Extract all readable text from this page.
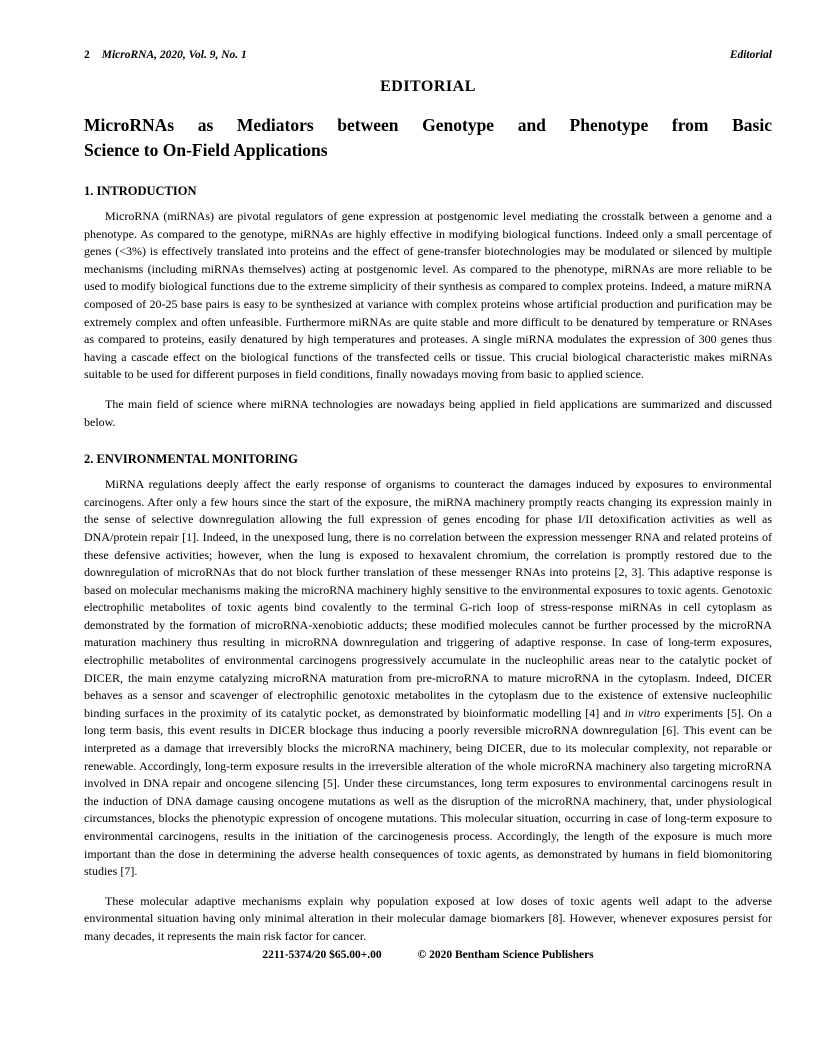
2 MicroRNA, 2020, Vol. 9, No. 1	Editorial
EDITORIAL
MicroRNAs as Mediators between Genotype and Phenotype from Basic
Science to On-Field Applications
1. INTRODUCTION

MicroRNA (miRNAs) are pivotal regulators of gene expression at postgenomic level mediating the crosstalk between a genome and a phenotype. As compared to the genotype, miRNAs are highly effective in modifying biological functions. Indeed only a small percentage of genes (<3%) is effectively translated into proteins and the effect of gene-transfer biotechnologies may be modulated or silenced by multiple mechanisms (including miRNAs themselves) acting at postgenomic level. As compared to the phenotype, miRNAs are more reliable to be used to modify biological functions due to the extreme simplicity of their synthesis as compared to complex proteins. Indeed, a mature miRNA composed of 20-25 base pairs is easy to be synthesized at variance with complex proteins whose artificial production and purification may be extremely complex and often unfeasible. Furthermore miRNAs are quite stable and more difficult to be denatured by temperature or RNAses as compared to proteins, easily denatured by high temperatures and proteases. A single miRNA modulates the expression of 300 genes thus having a cascade effect on the biological functions of the transfected cells or tissue. This crucial biological characteristic makes miRNAs suitable to be used for different purposes in field conditions, finally nowadays moving from basic to applied science.

The main field of science where miRNA technologies are nowadays being applied in field applications are summarized and discussed below.

2. ENVIRONMENTAL MONITORING

MiRNA regulations deeply affect the early response of organisms to counteract the damages induced by exposures to environmental carcinogens. After only a few hours since the start of the exposure, the miRNA machinery promptly reacts changing its expression mainly in the sense of selective downregulation allowing the full expression of genes encoding for phase I/II detoxification activities as well as DNA/protein repair [1]. Indeed, in the unexposed lung, there is no correlation between the expression messenger RNA and related proteins of these defensive activities; however, when the lung is exposed to hexavalent chromium, the correlation is promptly restored due to the downregulation of microRNAs that do not block further translation of these messenger RNAs into proteins [2, 3]. This adaptive response is based on molecular mechanisms making the microRNA machinery highly sensitive to the environmental exposures to toxic agents. Genotoxic electrophilic metabolites of toxic agents bind covalently to the terminal G-rich loop of stress-response miRNAs in cell cytoplasm as demonstrated by the formation of microRNA-xenobiotic adducts; these modified molecules cannot be further processed by the microRNA maturation machinery thus resulting in microRNA downregulation and triggering of adaptive response. In case of long-term exposures, electrophilic metabolites of environmental carcinogens progressively accumulate in the nucleophilic areas near to the catalytic pocket of DICER, the main enzyme catalyzing microRNA maturation from pre-microRNA to mature microRNA in the cytoplasm. Indeed, DICER behaves as a sensor and scavenger of electrophilic genotoxic metabolites in the cytoplasm due to the existence of extensive nucleophilic binding surfaces in the proximity of its catalytic pocket, as demonstrated by bioinformatic modelling [4] and in vitro experiments [5]. On a long term basis, this event results in DICER blockage thus inducing a poorly reversible microRNA downregulation [6]. This event can be interpreted as a damage that irreversibly blocks the microRNA machinery, being DICER, due to its molecular complexity, not reparable or renewable. Accordingly, long-term exposure results in the irreversible alteration of the whole microRNA machinery also targeting microRNA involved in DNA repair and oncogene silencing [5]. Under these circumstances, long term exposures to environmental carcinogens result in the induction of DNA damage causing oncogene mutations as well as the disruption of the microRNA machinery, that, under physiological circumstances, blocks the phenotypic expression of oncogene mutations. This molecular situation, occurring in case of long-term exposure to environmental carcinogens, results in the initiation of the carcinogenesis process. Accordingly, the length of the exposure is much more important than the dose in determining the adverse health consequences of toxic agents, as demonstrated by humans in field biomonitoring studies [7].

These molecular adaptive mechanisms explain why population exposed at low doses of toxic agents well adapt to the adverse environmental situation having only minimal alteration in their molecular damage biomarkers [8]. However, whenever exposures persist for many decades, it represents the main risk factor for cancer.

2211-5374/20 $65.00+.00	© 2020 Bentham Science Publishers
